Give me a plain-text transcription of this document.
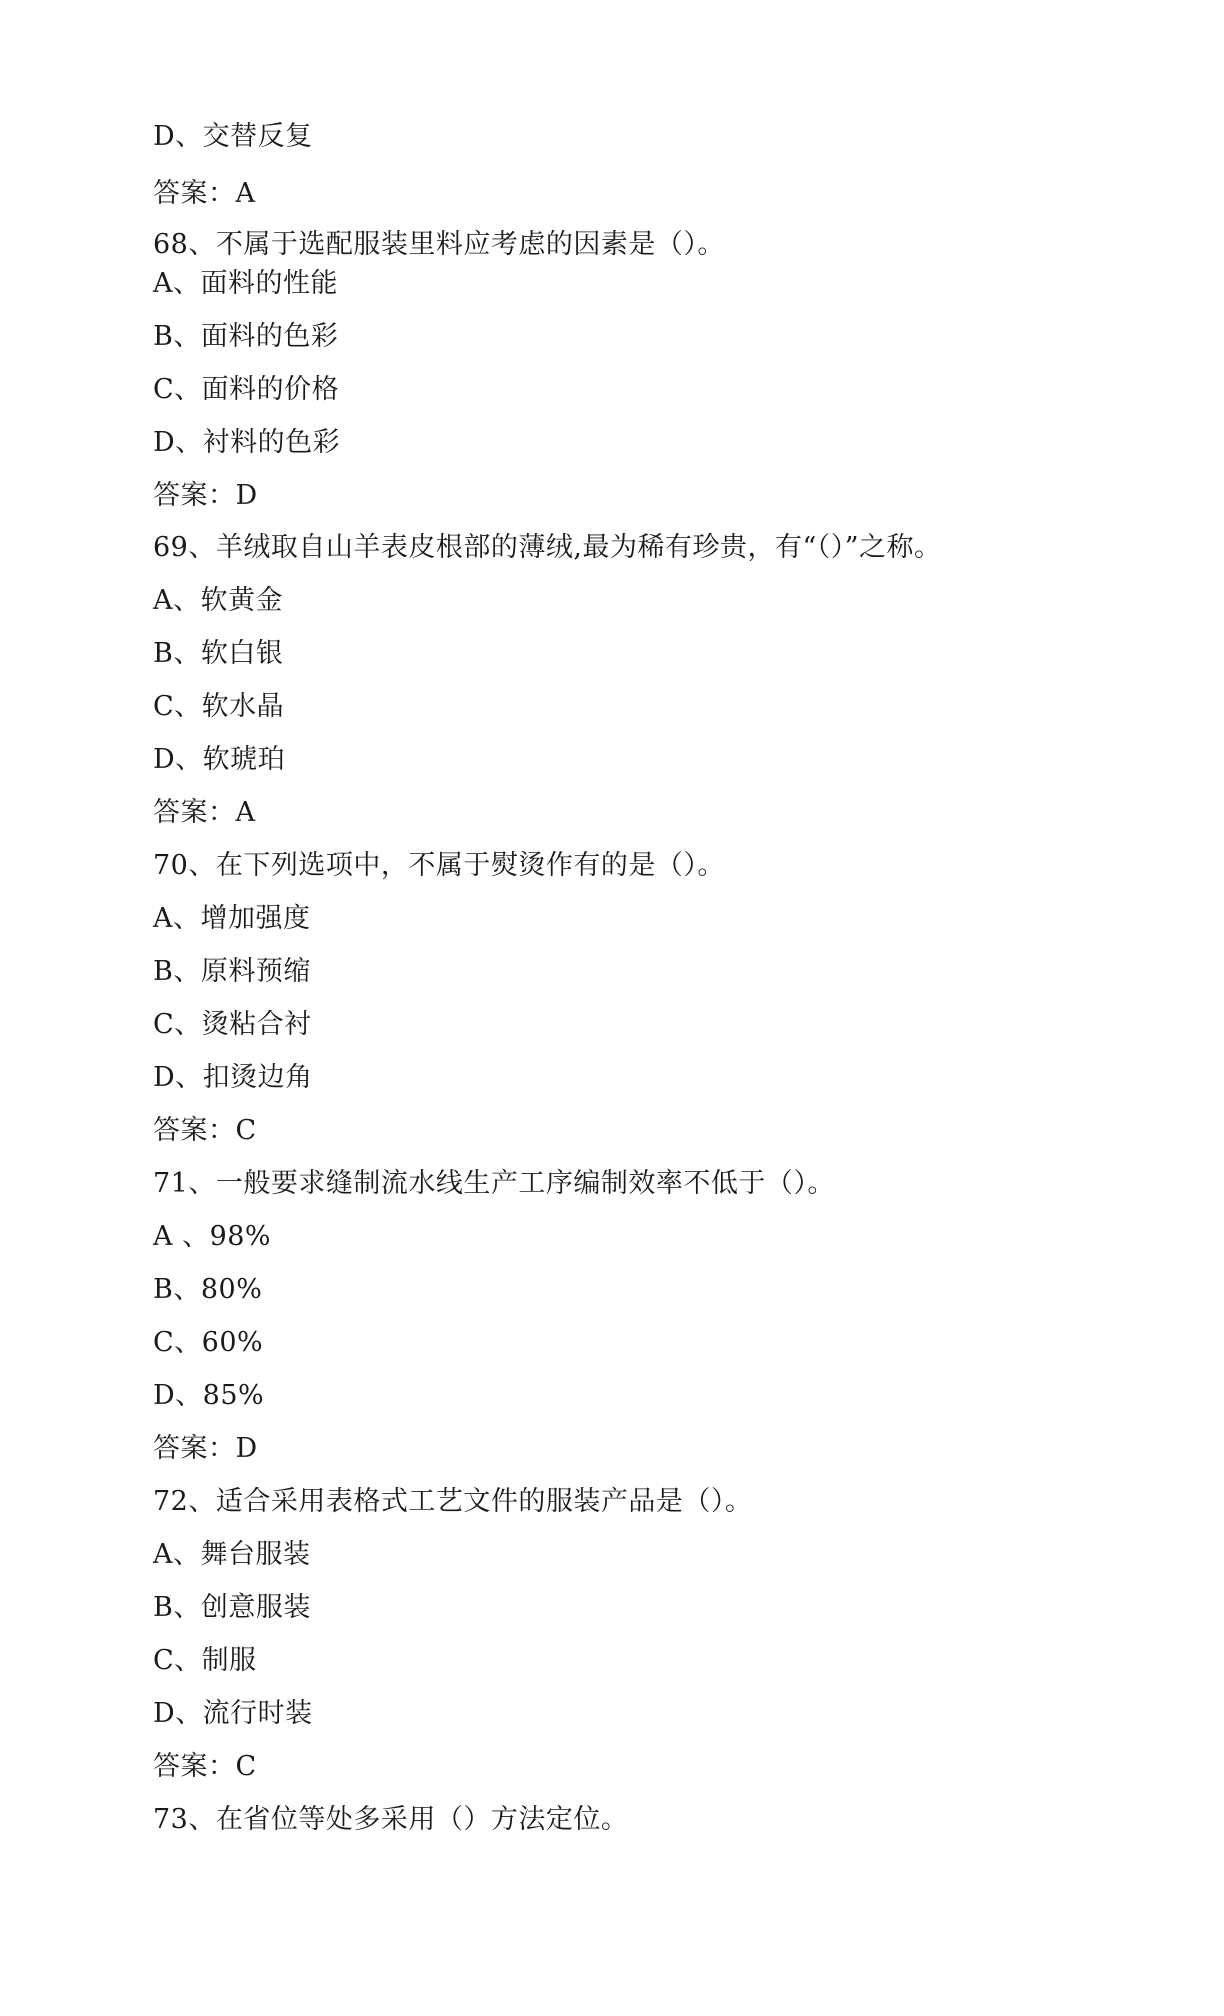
D、交替反复
答案：A
68、不属于选配服装里料应考虑的因素是（）。
A、面料的性能
B、面料的色彩
C、面料的价格
D、衬料的色彩
答案：D
69、羊绒取自山羊表皮根部的薄绒,最为稀有珍贵，有“（）”之称。
A、软黄金
B、软白银
C、软水晶
D、软琥珀
答案：A
70、在下列选项中，不属于熨烫作有的是（）。
A、增加强度
B、原料预缩
C、烫粘合衬
D、扣烫边角
答案：C
71、一般要求缝制流水线生产工序编制效率不低于（）。
A 、98%
B、80%
C、60%
D、85%
答案：D
72、适合采用表格式工艺文件的服装产品是（）。
A、舞台服装
B、创意服装
C、制服
D、流行时装
答案：C
73、在省位等处多采用（）方法定位。
